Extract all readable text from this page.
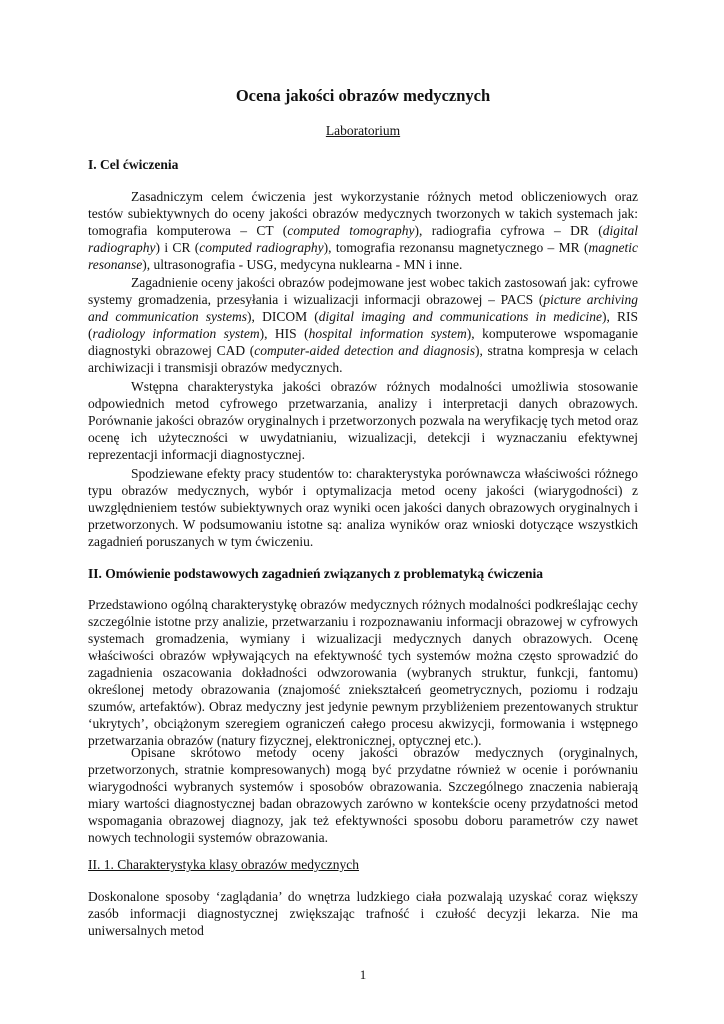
Ocena jakości obrazów medycznych
Laboratorium
I. Cel ćwiczenia
Zasadniczym celem ćwiczenia jest wykorzystanie różnych metod obliczeniowych oraz testów subiektywnych do oceny jakości obrazów medycznych tworzonych w takich systemach jak: tomografia komputerowa – CT (computed tomography), radiografia cyfrowa – DR (digital radiography) i CR (computed radiography), tomografia rezonansu magnetycznego – MR (magnetic resonanse), ultrasonografia - USG, medycyna nuklearna - MN i inne.
Zagadnienie oceny jakości obrazów podejmowane jest wobec takich zastosowań jak: cyfrowe systemy gromadzenia, przesyłania i wizualizacji informacji obrazowej – PACS (picture archiving and communication systems), DICOM (digital imaging and communications in medicine), RIS (radiology information system), HIS (hospital information system), komputerowe wspomaganie diagnostyki obrazowej CAD (computer-aided detection and diagnosis), stratna kompresja w celach archiwizacji i transmisji obrazów medycznych.
Wstępna charakterystyka jakości obrazów różnych modalności umożliwia stosowanie odpowiednich metod cyfrowego przetwarzania, analizy i interpretacji danych obrazowych. Porównanie jakości obrazów oryginalnych i przetworzonych pozwala na weryfikację tych metod oraz ocenę ich użyteczności w uwydatnianiu, wizualizacji, detekcji i wyznaczaniu efektywnej reprezentacji informacji diagnostycznej.
Spodziewane efekty pracy studentów to: charakterystyka porównawcza właściwości różnego typu obrazów medycznych, wybór i optymalizacja metod oceny jakości (wiarygodności) z uwzględnieniem testów subiektywnych oraz wyniki ocen jakości danych obrazowych oryginalnych i przetworzonych. W podsumowaniu istotne są: analiza wyników oraz wnioski dotyczące wszystkich zagadnień poruszanych w tym ćwiczeniu.
II. Omówienie podstawowych zagadnień związanych z problematyką ćwiczenia
Przedstawiono ogólną charakterystykę obrazów medycznych różnych modalności podkreślając cechy szczególnie istotne przy analizie, przetwarzaniu i rozpoznawaniu informacji obrazowej w cyfrowych systemach gromadzenia, wymiany i wizualizacji medycznych danych obrazowych. Ocenę właściwości obrazów wpływających na efektywność tych systemów można często sprowadzić do zagadnienia oszacowania dokładności odwzorowania (wybranych struktur, funkcji, fantomu) określonej metody obrazowania (znajomość zniekształceń geometrycznych, poziomu i rodzaju szumów, artefaktów). Obraz medyczny jest jedynie pewnym przybliżeniem prezentowanych struktur ‘ukrytych’, obciążonym szeregiem ograniczeń całego procesu akwizycji, formowania i wstępnego przetwarzania obrazów (natury fizycznej, elektronicznej, optycznej etc.).
Opisane skrótowo metody oceny jakości obrazów medycznych (oryginalnych, przetworzonych, stratnie kompresowanych) mogą być przydatne również w ocenie i porównaniu wiarygodności wybranych systemów i sposobów obrazowania. Szczególnego znaczenia nabierają miary wartości diagnostycznej badan obrazowych zarówno w kontekście oceny przydatności metod wspomagania obrazowej diagnozy, jak też efektywności sposobu doboru parametrów czy nawet nowych technologii systemów obrazowania.
II. 1. Charakterystyka klasy obrazów medycznych
Doskonalone sposoby ‘zaglądania’ do wnętrza ludzkiego ciała pozwalają uzyskać coraz większy zasób informacji diagnostycznej zwiększając trafność i czułość decyzji lekarza. Nie ma uniwersalnych metod
1
